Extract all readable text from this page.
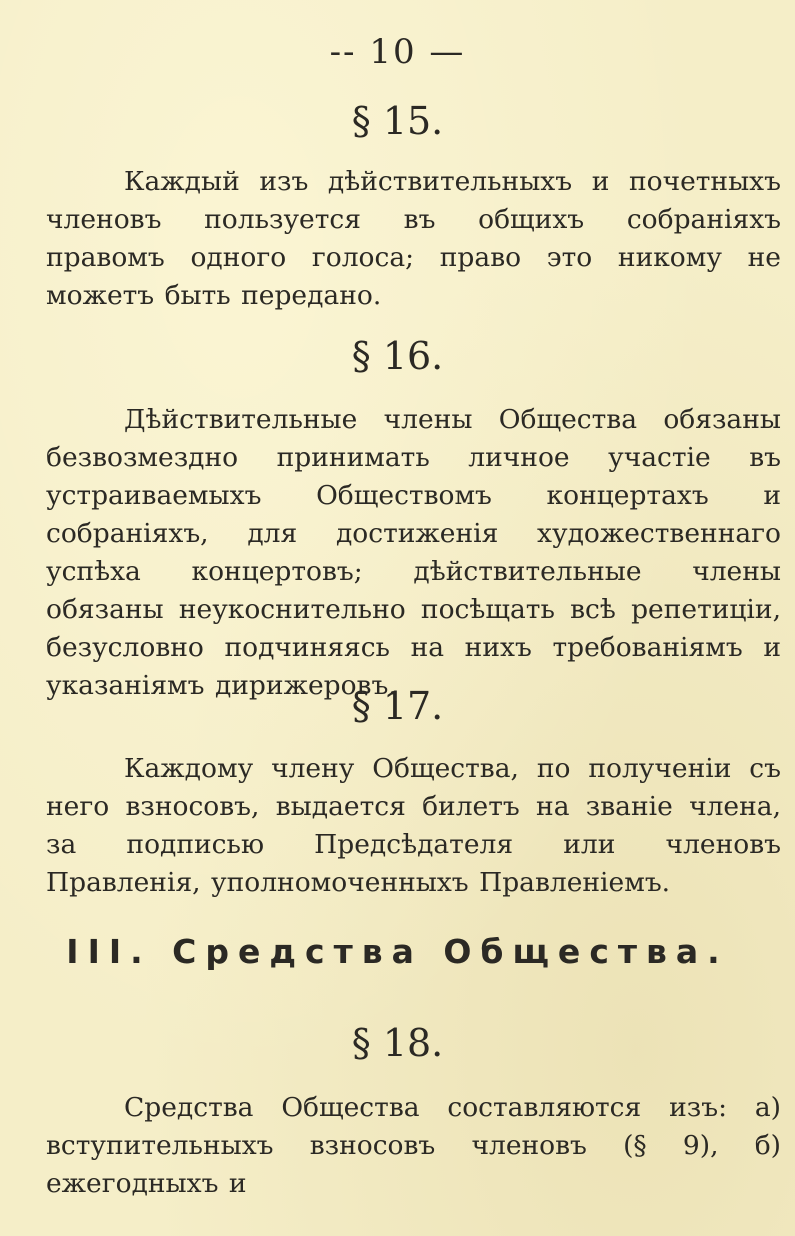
-- 10 —
§ 15.
Каждый изъ дѣйствительныхъ и почетныхъ членовъ пользуется въ общихъ собраніяхъ правомъ одного голоса; право это никому не можетъ быть передано.
§ 16.
Дѣйствительные члены Общества обязаны безвозмездно принимать личное участіе въ устраиваемыхъ Обществомъ концертахъ и собраніяхъ, для достиженія художественнаго успѣха концертовъ; дѣйствительные члены обязаны неукоснительно посѣщать всѣ репетиціи, безусловно подчиняясь на нихъ требованіямъ и указаніямъ дирижеровъ.
§ 17.
Каждому члену Общества, по полученіи съ него взносовъ, выдается билетъ на званіе члена, за подписью Предсѣдателя или членовъ Правленія, уполномоченныхъ Правленіемъ.
III. Средства Общества.
§ 18.
Средства Общества составляются изъ: а) вступительныхъ взносовъ членовъ (§ 9), б) ежегодныхъ и
